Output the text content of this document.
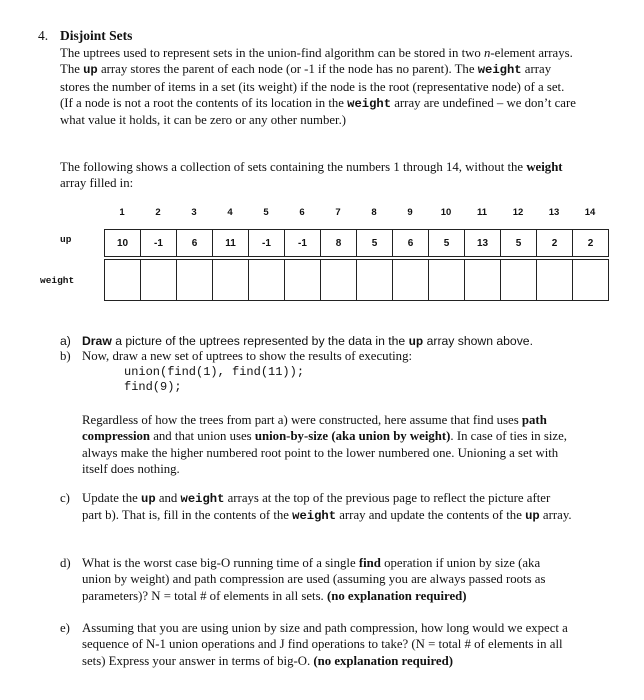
4. Disjoint Sets
The uptrees used to represent sets in the union-find algorithm can be stored in two n-element arrays. The up array stores the parent of each node (or -1 if the node has no parent). The weight array stores the number of items in a set (its weight) if the node is the root (representative node) of a set. (If a node is not a root the contents of its location in the weight array are undefined – we don’t care what value it holds, it can be zero or any other number.)
The following shows a collection of sets containing the numbers 1 through 14, without the weight array filled in:
up
weight
1
10
2
-1
3
6
4
11
5
-1
6
-1
7
8
8
5
9
6
10
5
11
13
12
5
13
2
14
2
a) Draw a picture of the uptrees represented by the data in the up array shown above.
b) Now, draw a new set of uptrees to show the results of executing:
union(find(1), find(11));
find(9);
Regardless of how the trees from part a) were constructed, here assume that find uses path compression and that union uses union-by-size (aka union by weight). In case of ties in size, always make the higher numbered root point to the lower numbered one. Unioning a set with itself does nothing.
c) Update the up and weight arrays at the top of the previous page to reflect the picture after part b). That is, fill in the contents of the weight array and update the contents of the up array.
d) What is the worst case big-O running time of a single find operation if union by size (aka union by weight) and path compression are used (assuming you are always passed roots as parameters)? N = total # of elements in all sets. (no explanation required)
e) Assuming that you are using union by size and path compression, how long would we expect a sequence of N-1 union operations and J find operations to take? (N = total # of elements in all sets) Express your answer in terms of big-O. (no explanation required)
